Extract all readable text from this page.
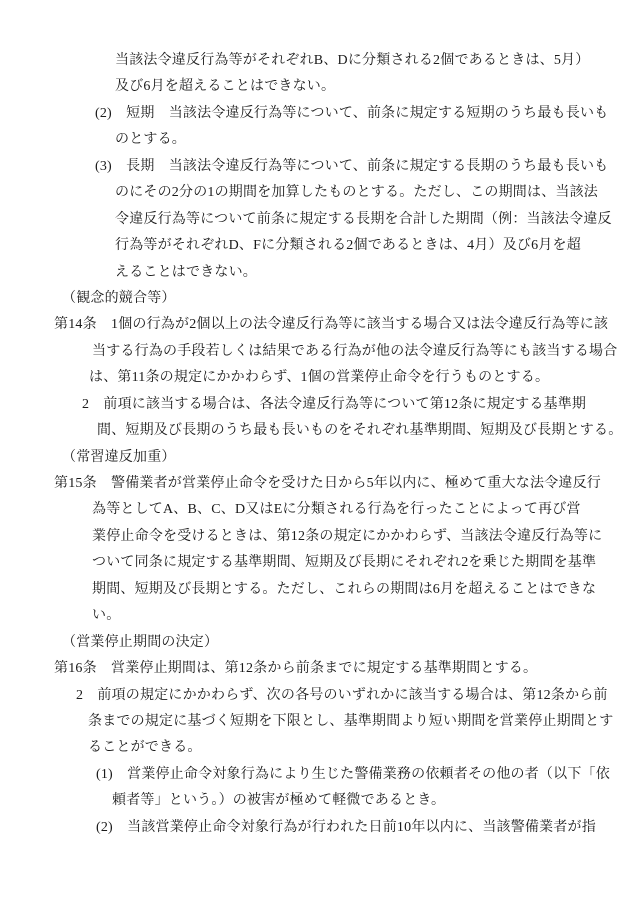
当該法令違反行為等がそれぞれB、Dに分類される2個であるときは、5月）
及び6月を超えることはできない。
(2)　短期　当該法令違反行為等について、前条に規定する短期のうち最も長いも
のとする。
(3)　長期　当該法令違反行為等について、前条に規定する長期のうち最も長いも
のにその2分の1の期間を加算したものとする。ただし、この期間は、当該法
令違反行為等について前条に規定する長期を合計した期間（例：当該法令違反
行為等がそれぞれD、Fに分類される2個であるときは、4月）及び6月を超
えることはできない。
（観念的競合等）
第14条　1個の行為が2個以上の法令違反行為等に該当する場合又は法令違反行為等に該
当する行為の手段若しくは結果である行為が他の法令違反行為等にも該当する場合
は、第11条の規定にかかわらず、1個の営業停止命令を行うものとする。
2　前項に該当する場合は、各法令違反行為等について第12条に規定する基準期
間、短期及び長期のうち最も長いものをそれぞれ基準期間、短期及び長期とする。
（常習違反加重）
第15条　警備業者が営業停止命令を受けた日から5年以内に、極めて重大な法令違反行
為等としてA、B、C、D又はEに分類される行為を行ったことによって再び営
業停止命令を受けるときは、第12条の規定にかかわらず、当該法令違反行為等に
ついて同条に規定する基準期間、短期及び長期にそれぞれ2を乗じた期間を基準
期間、短期及び長期とする。ただし、これらの期間は6月を超えることはできな
い。
（営業停止期間の決定）
第16条　営業停止期間は、第12条から前条までに規定する基準期間とする。
2　前項の規定にかかわらず、次の各号のいずれかに該当する場合は、第12条から前
条までの規定に基づく短期を下限とし、基準期間より短い期間を営業停止期間とす
ることができる。
(1)　営業停止命令対象行為により生じた警備業務の依頼者その他の者（以下「依
頼者等」という。）の被害が極めて軽微であるとき。
(2)　当該営業停止命令対象行為が行われた日前10年以内に、当該警備業者が指
